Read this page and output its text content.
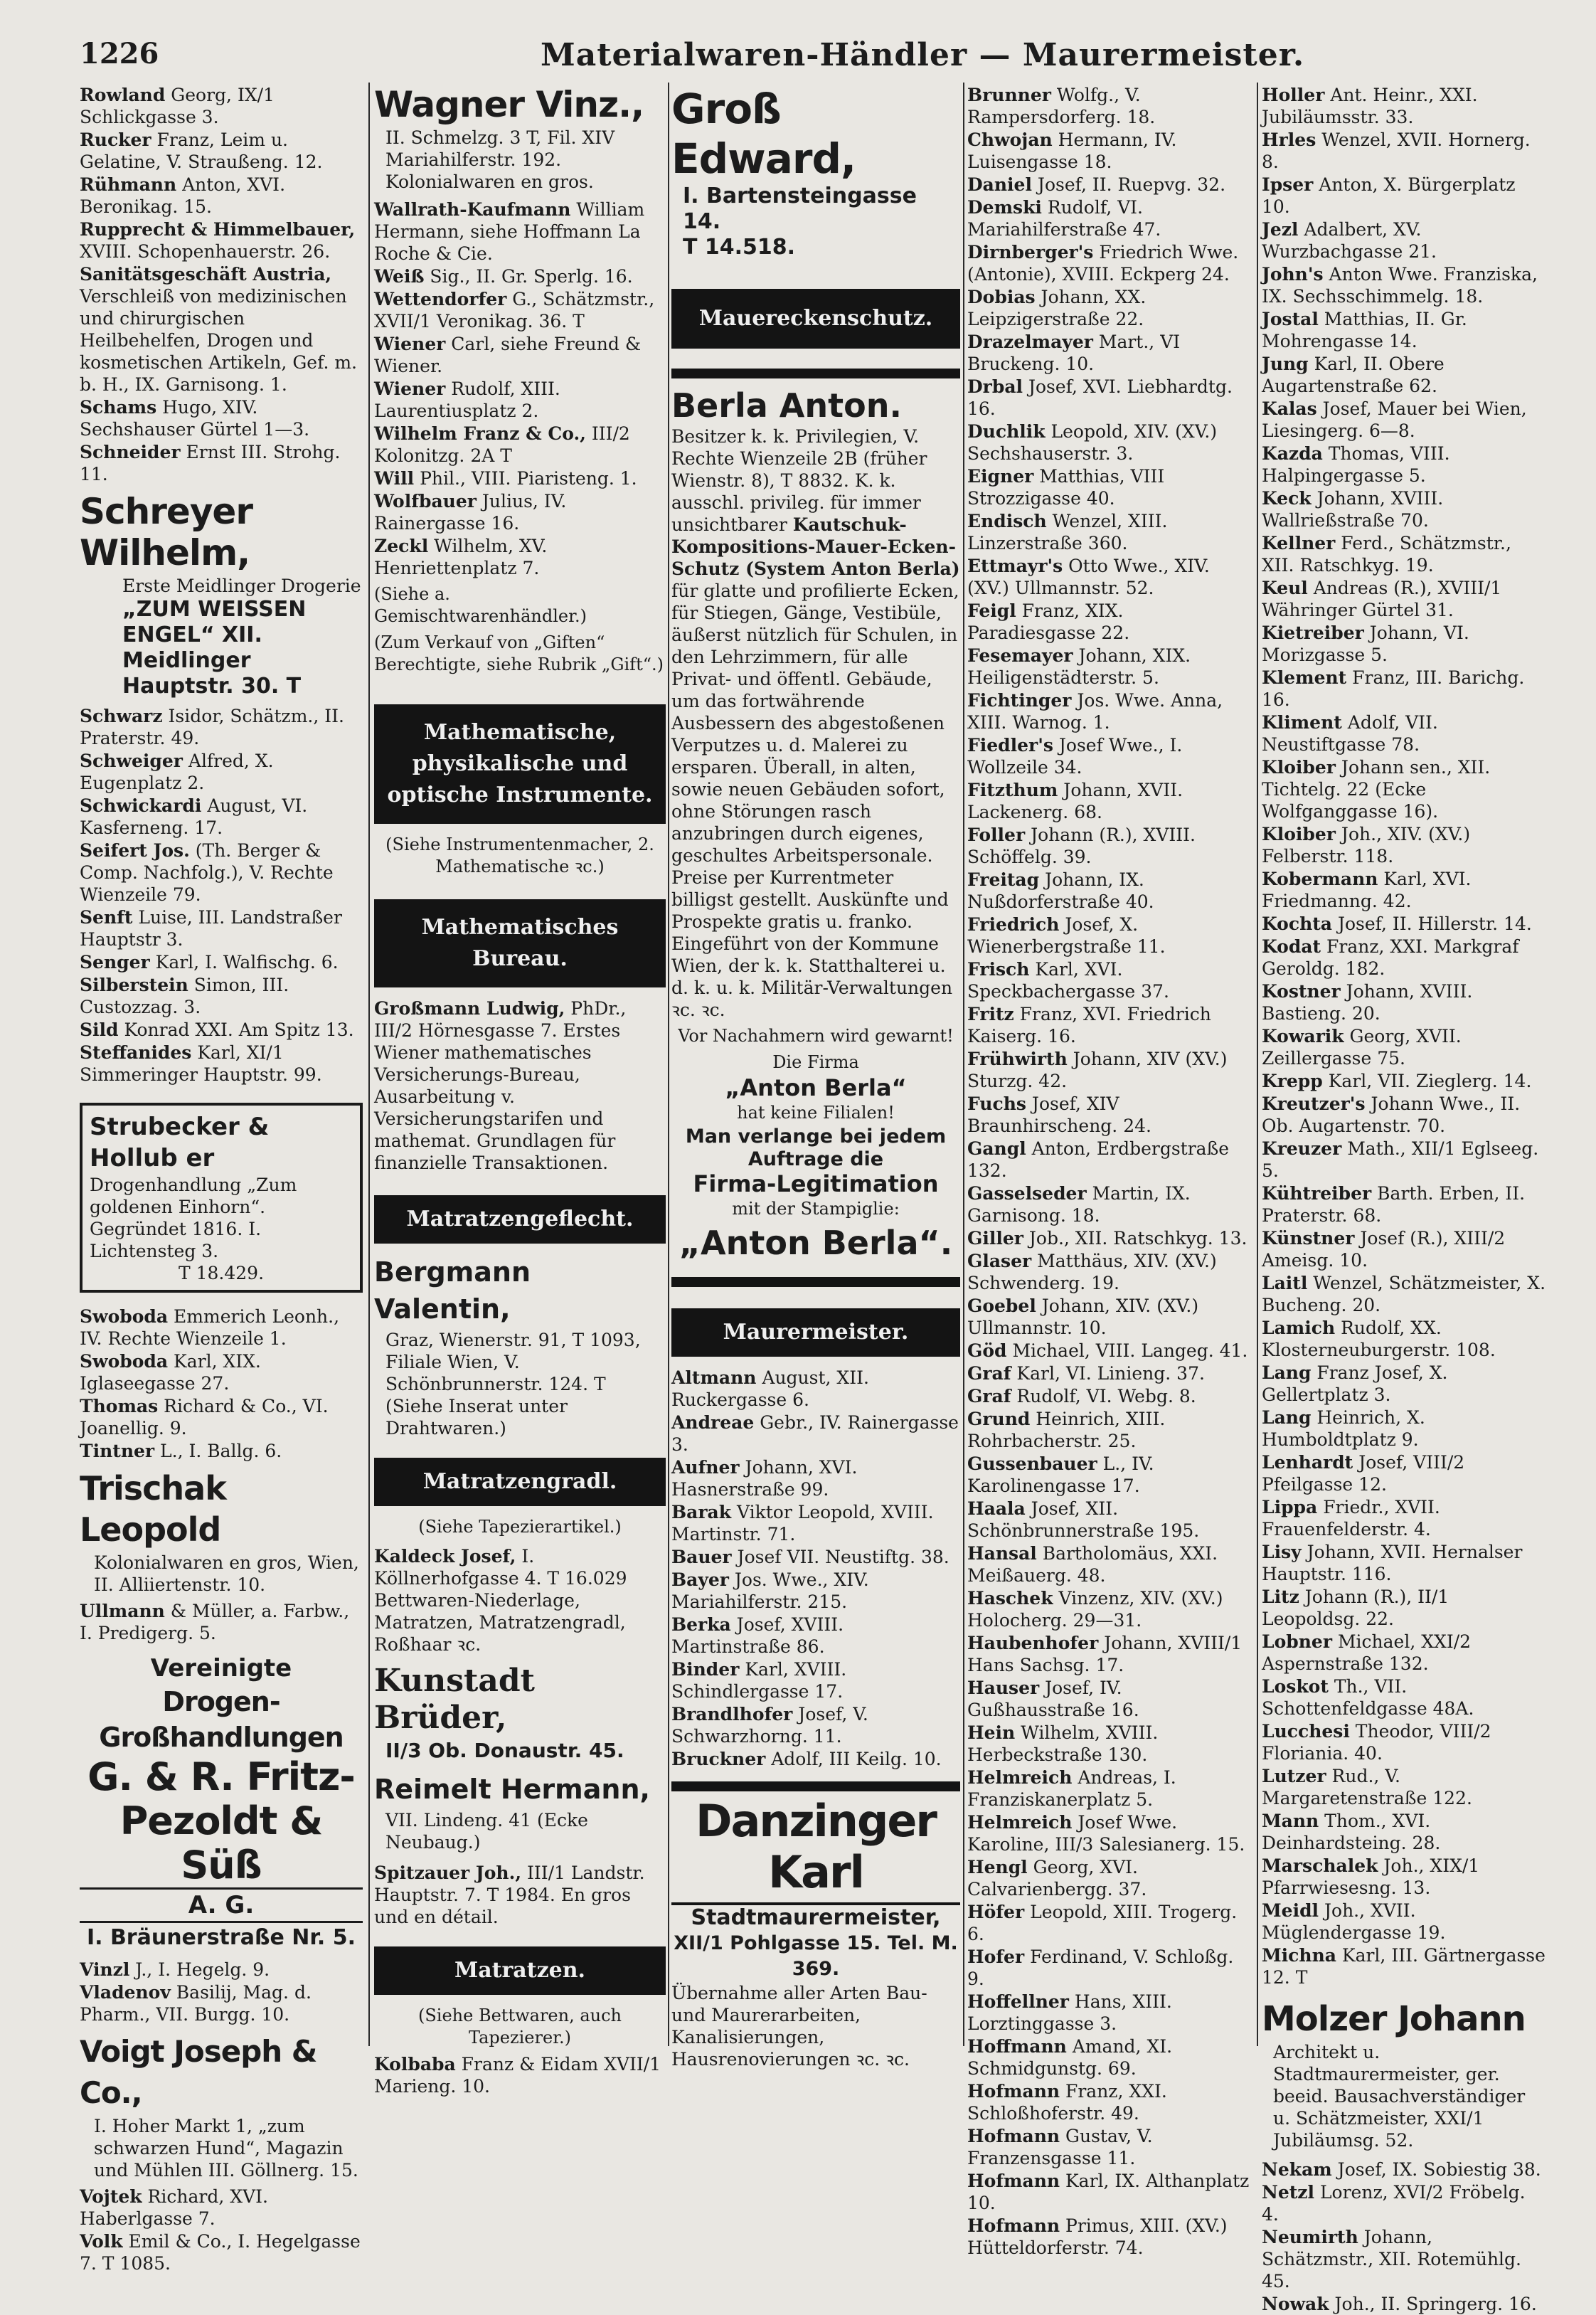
1226	Materialwaren-Händler — Maurermeister.
Rowland Georg, IX/1 Schlickgasse 3.
Rucker Franz, Leim u. Gelatine, V. Straußeng. 12.
Rühmann Anton, XVI. Beronikag. 15.
Rupprecht & Himmelbauer, XVIII. Schopenhauerstr. 26.
Sanitätsgeschäft Austria, Verschleiß von medizinischen und chirurgischen Heilbehelfen, Drogen und kosmetischen Artikeln, Gef. m. b. H., IX. Garnisong. 1.
Schams Hugo, XIV. Sechshauser Gürtel 1—3.
Schneider Ernst III. Strohg. 11.
Schreyer Wilhelm,
Erste Meidlinger Drogerie
„ZUM WEISSEN
ENGEL“ XII. Meidlinger Hauptstr. 30. T
Schwarz Isidor, Schätzm., II. Praterstr. 49.
Schweiger Alfred, X. Eugenplatz 2.
Schwickardi August, VI. Kasferneng. 17.
Seifert Jos. (Th. Berger & Comp. Nachfolg.), V. Rechte Wienzeile 79.
Senft Luise, III. Landstraßer Hauptstr 3.
Senger Karl, I. Walfischg. 6.
Silberstein Simon, III. Custozzag. 3.
Sild Konrad XXI. Am Spitz 13.
Steffanides Karl, XI/1 Simmeringer Hauptstr. 99.
Strubecker & Hollub er
Drogenhandlung „Zum goldenen Einhorn“. Gegründet 1816. I. Lichtensteg 3.
T 18.429.
Swoboda Emmerich Leonh., IV. Rechte Wienzeile 1.
Swoboda Karl, XIX. Iglaseegasse 27.
Thomas Richard & Co., VI. Joanellig. 9.
Tintner L., I. Ballg. 6.
Trischak Leopold
Kolonialwaren en gros, Wien, II. Alliiertenstr. 10.
Ullmann & Müller, a. Farbw., I. Predigerg. 5.
Vereinigte
Drogen-Großhandlungen
G. & R. Fritz-
Pezoldt & Süß
A. G.
I. Bräunerstraße Nr. 5.
Vinzl J., I. Hegelg. 9.
Vladenov Basilij, Mag. d. Pharm., VII. Burgg. 10.
Voigt Joseph & Co.,
I. Hoher Markt 1, „zum schwarzen Hund“, Magazin und Mühlen III. Göllnerg. 15.
Vojtek Richard, XVI. Haberlgasse 7.
Volk Emil & Co., I. Hegelgasse 7. T 1085.
Wagner Vinz.,
II. Schmelzg. 3 T, Fil. XIV Mariahilferstr. 192. Kolonialwaren en gros.
Wallrath-Kaufmann William Hermann, siehe Hoffmann La Roche & Cie.
Weiß Sig., II. Gr. Sperlg. 16.
Wettendorfer G., Schätzmstr., XVII/1 Veronikag. 36. T
Wiener Carl, siehe Freund & Wiener.
Wiener Rudolf, XIII. Laurentiusplatz 2.
Wilhelm Franz & Co., III/2 Kolonitzg. 2A T
Will Phil., VIII. Piaristeng. 1.
Wolfbauer Julius, IV. Rainergasse 16.
Zeckl Wilhelm, XV. Henriettenplatz 7.
(Siehe a. Gemischtwarenhändler.)
(Zum Verkauf von „Giften“ Berechtigte, siehe Rubrik „Gift“.)
Mathematische, physikalische und optische Instrumente.
(Siehe Instrumentenmacher, 2. Mathematische ꝛc.)
Mathematisches Bureau.
Großmann Ludwig, PhDr., III/2 Hörnesgasse 7. Erstes Wiener mathematisches Versicherungs-Bureau, Ausarbeitung v. Versicherungstarifen und mathemat. Grundlagen für finanzielle Transaktionen.
Matratzengeflecht.
Bergmann Valentin,
Graz, Wienerstr. 91, T 1093, Filiale Wien, V. Schönbrunnerstr. 124. T (Siehe Inserat unter Drahtwaren.)
Matratzengradl.
(Siehe Tapezierartikel.)
Kaldeck Josef, I. Köllnerhofgasse 4. T 16.029 Bettwaren-Niederlage, Matratzen, Matratzengradl, Roßhaar ꝛc.
Kunstadt Brüder,
II/3 Ob. Donaustr. 45.
Reimelt Hermann,
VII. Lindeng. 41 (Ecke Neubaug.)
Spitzauer Joh., III/1 Landstr. Hauptstr. 7. T 1984. En gros und en détail.
Matratzen.
(Siehe Bettwaren, auch Tapezierer.)
Kolbaba Franz & Eidam XVII/1 Marieng. 10.
Groß Edward,
I. Bartensteingasse 14.
T 14.518.
Mauereckenschutz.
Berla Anton.
Besitzer k. k. Privilegien, V. Rechte Wienzeile 2B (früher Wienstr. 8), T 8832. K. k. ausschl. privileg. für immer unsichtbarer Kautschuk-Kompositions-Mauer-Ecken-Schutz (System Anton Berla) für glatte und profilierte Ecken, für Stiegen, Gänge, Vestibüle, äußerst nützlich für Schulen, in den Lehrzimmern, für alle Privat- und öffentl. Gebäude, um das fortwährende Ausbessern des abgestoßenen Verputzes u. d. Malerei zu ersparen. Überall, in alten, sowie neuen Gebäuden sofort, ohne Störungen rasch anzubringen durch eigenes, geschultes Arbeitspersonale. Preise per Kurrentmeter billigst gestellt. Auskünfte und Prospekte gratis u. franko. Eingeführt von der Kommune Wien, der k. k. Statthalterei u. d. k. u. k. Militär-Verwaltungen ꝛc. ꝛc.
Vor Nachahmern wird gewarnt!
Die Firma
„Anton Berla“
hat keine Filialen!
Man verlange bei jedem Auftrage die
Firma-Legitimation
mit der Stampiglie:
„Anton Berla“.
Maurermeister.
Altmann August, XII. Ruckergasse 6.
Andreae Gebr., IV. Rainergasse 3.
Aufner Johann, XVI. Hasnerstraße 99.
Barak Viktor Leopold, XVIII. Martinstr. 71.
Bauer Josef VII. Neustiftg. 38.
Bayer Jos. Wwe., XIV. Mariahilferstr. 215.
Berka Josef, XVIII. Martinstraße 86.
Binder Karl, XVIII. Schindlergasse 17.
Brandlhofer Josef, V. Schwarzhorng. 11.
Bruckner Adolf, III Keilg. 10.
Danzinger Karl
Stadtmaurermeister,
XII/1 Pohlgasse 15. Tel. M. 369.
Übernahme aller Arten Bau- und Maurerarbeiten, Kanalisierungen, Hausrenovierungen ꝛc. ꝛc.
Brunner Wolfg., V. Rampersdorferg. 18.
Chwojan Hermann, IV. Luisengasse 18.
Daniel Josef, II. Ruepvg. 32.
Demski Rudolf, VI. Mariahilferstraße 47.
Dirnberger's Friedrich Wwe. (Antonie), XVIII. Eckperg 24.
Dobias Johann, XX. Leipzigerstraße 22.
Drazelmayer Mart., VI Bruckeng. 10.
Drbal Josef, XVI. Liebhardtg. 16.
Duchlik Leopold, XIV. (XV.) Sechshauserstr. 3.
Eigner Matthias, VIII Strozzigasse 40.
Endisch Wenzel, XIII. Linzerstraße 360.
Ettmayr's Otto Wwe., XIV. (XV.) Ullmannstr. 52.
Feigl Franz, XIX. Paradiesgasse 22.
Fesemayer Johann, XIX. Heiligenstädterstr. 5.
Fichtinger Jos. Wwe. Anna, XIII. Warnog. 1.
Fiedler's Josef Wwe., I. Wollzeile 34.
Fitzthum Johann, XVII. Lackenerg. 68.
Foller Johann (R.), XVIII. Schöffelg. 39.
Freitag Johann, IX. Nußdorferstraße 40.
Friedrich Josef, X. Wienerbergstraße 11.
Frisch Karl, XVI. Speckbachergasse 37.
Fritz Franz, XVI. Friedrich Kaiserg. 16.
Frühwirth Johann, XIV (XV.) Sturzg. 42.
Fuchs Josef, XIV Braunhirscheng. 24.
Gangl Anton, Erdbergstraße 132.
Gasselseder Martin, IX. Garnisong. 18.
Giller Job., XII. Ratschkyg. 13.
Glaser Matthäus, XIV. (XV.) Schwenderg. 19.
Goebel Johann, XIV. (XV.) Ullmannstr. 10.
Göd Michael, VIII. Langeg. 41.
Graf Karl, VI. Linieng. 37.
Graf Rudolf, VI. Webg. 8.
Grund Heinrich, XIII. Rohrbacherstr. 25.
Gussenbauer L., IV. Karolinengasse 17.
Haala Josef, XII. Schönbrunnerstraße 195.
Hansal Bartholomäus, XXI. Meißauerg. 48.
Haschek Vinzenz, XIV. (XV.) Holocherg. 29—31.
Haubenhofer Johann, XVIII/1 Hans Sachsg. 17.
Hauser Josef, IV. Gußhausstraße 16.
Hein Wilhelm, XVIII. Herbeckstraße 130.
Helmreich Andreas, I. Franziskanerplatz 5.
Helmreich Josef Wwe. Karoline, III/3 Salesianerg. 15.
Hengl Georg, XVI. Calvarienbergg. 37.
Höfer Leopold, XIII. Trogerg. 6.
Hofer Ferdinand, V. Schloßg. 9.
Hoffellner Hans, XIII. Lorztinggasse 3.
Hoffmann Amand, XI. Schmidgunstg. 69.
Hofmann Franz, XXI. Schloßhoferstr. 49.
Hofmann Gustav, V. Franzensgasse 11.
Hofmann Karl, IX. Althanplatz 10.
Hofmann Primus, XIII. (XV.) Hütteldorferstr. 74.
Holler Ant. Heinr., XXI. Jubiläumsstr. 33.
Hrles Wenzel, XVII. Hornerg. 8.
Ipser Anton, X. Bürgerplatz 10.
Jezl Adalbert, XV. Wurzbachgasse 21.
John's Anton Wwe. Franziska, IX. Sechsschimmelg. 18.
Jostal Matthias, II. Gr. Mohrengasse 14.
Jung Karl, II. Obere Augartenstraße 62.
Kalas Josef, Mauer bei Wien, Liesingerg. 6—8.
Kazda Thomas, VIII. Halpingergasse 5.
Keck Johann, XVIII. Wallrießstraße 70.
Kellner Ferd., Schätzmstr., XII. Ratschkyg. 19.
Keul Andreas (R.), XVIII/1 Währinger Gürtel 31.
Kietreiber Johann, VI. Morizgasse 5.
Klement Franz, III. Barichg. 16.
Kliment Adolf, VII. Neustiftgasse 78.
Kloiber Johann sen., XII. Tichtelg. 22 (Ecke Wolfganggasse 16).
Kloiber Joh., XIV. (XV.) Felberstr. 118.
Kobermann Karl, XVI. Friedmanng. 42.
Kochta Josef, II. Hillerstr. 14.
Kodat Franz, XXI. Markgraf Geroldg. 182.
Kostner Johann, XVIII. Bastieng. 20.
Kowarik Georg, XVII. Zeillergasse 75.
Krepp Karl, VII. Zieglerg. 14.
Kreutzer's Johann Wwe., II. Ob. Augartenstr. 70.
Kreuzer Math., XII/1 Eglseeg. 5.
Kühtreiber Barth. Erben, II. Praterstr. 68.
Künstner Josef (R.), XIII/2 Ameisg. 10.
Laitl Wenzel, Schätzmeister, X. Bucheng. 20.
Lamich Rudolf, XX. Klosterneuburgerstr. 108.
Lang Franz Josef, X. Gellertplatz 3.
Lang Heinrich, X. Humboldtplatz 9.
Lenhardt Josef, VIII/2 Pfeilgasse 12.
Lippa Friedr., XVII. Frauenfelderstr. 4.
Lisy Johann, XVII. Hernalser Hauptstr. 116.
Litz Johann (R.), II/1 Leopoldsg. 22.
Lobner Michael, XXI/2 Aspernstraße 132.
Loskot Th., VII. Schottenfeldgasse 48A.
Lucchesi Theodor, VIII/2 Floriania. 40.
Lutzer Rud., V. Margaretenstraße 122.
Mann Thom., XVI. Deinhardsteing. 28.
Marschalek Joh., XIX/1 Pfarrwiesesng. 13.
Meidl Joh., XVII. Müglendergasse 19.
Michna Karl, III. Gärtnergasse 12. T
Molzer Johann
Architekt u. Stadtmaurermeister, ger. beeid. Bausachverständiger u. Schätzmeister, XXI/1 Jubiläumsg. 52.
Nekam Josef, IX. Sobiestig 38.
Netzl Lorenz, XVI/2 Fröbelg. 4.
Neumirth Johann, Schätzmstr., XII. Rotemühlg. 45.
Nowak Joh., II. Springerg. 16.
